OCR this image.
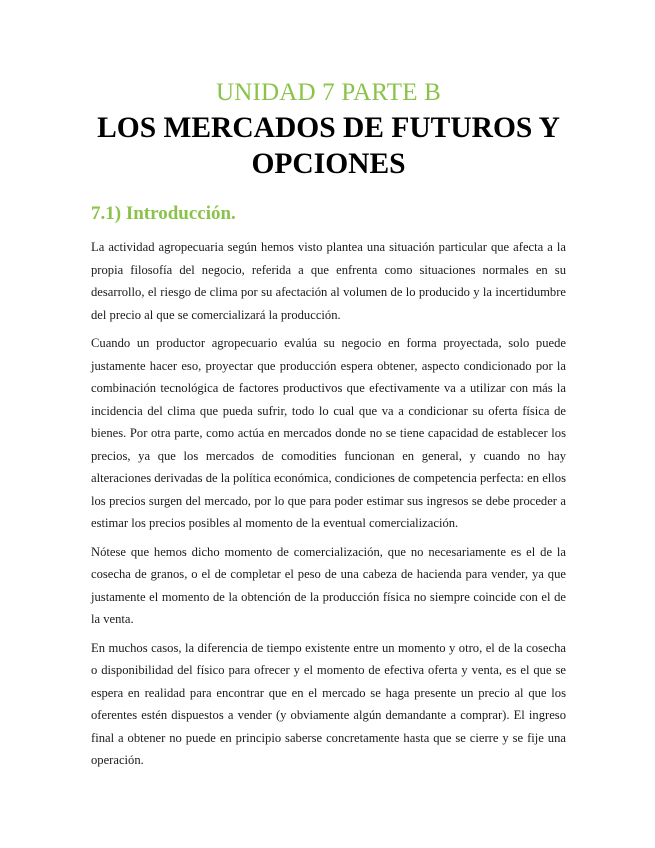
UNIDAD 7 PARTE B
LOS MERCADOS DE FUTUROS Y OPCIONES
7.1) Introducción.

La actividad agropecuaria según hemos visto plantea una situación particular que afecta a la propia filosofía del negocio, referida a que enfrenta como situaciones normales en su desarrollo, el riesgo de clima por su afectación al volumen de lo producido y la incertidumbre del precio al que se comercializará la producción.

Cuando un productor agropecuario evalúa su negocio en forma proyectada, solo puede justamente hacer eso, proyectar que producción espera obtener, aspecto condicionado por la combinación tecnológica de factores productivos que efectivamente va a utilizar con más la incidencia del clima que pueda sufrir, todo lo cual que va a condicionar su oferta física de bienes. Por otra parte, como actúa en mercados donde no se tiene capacidad de establecer los precios, ya que los mercados de comodities funcionan en general, y cuando no hay alteraciones derivadas de la política económica, condiciones de competencia perfecta: en ellos los precios surgen del mercado, por lo que para poder estimar sus ingresos se debe proceder a estimar los precios posibles al momento de la eventual comercialización.

Nótese que hemos dicho momento de comercialización, que no necesariamente es el de la cosecha de granos, o el de completar el peso de una cabeza de hacienda para vender, ya que justamente el momento de la obtención de la producción física no siempre coincide con el de la venta.

En muchos casos, la diferencia de tiempo existente entre un momento y otro, el de la cosecha o disponibilidad del físico para ofrecer y el momento de efectiva oferta y venta, es el que se espera en realidad para encontrar que en el mercado se haga presente un precio al que los oferentes estén dispuestos a vender (y obviamente algún demandante a comprar). El ingreso final a obtener no puede en principio saberse concretamente hasta que se cierre y se fije una operación.
